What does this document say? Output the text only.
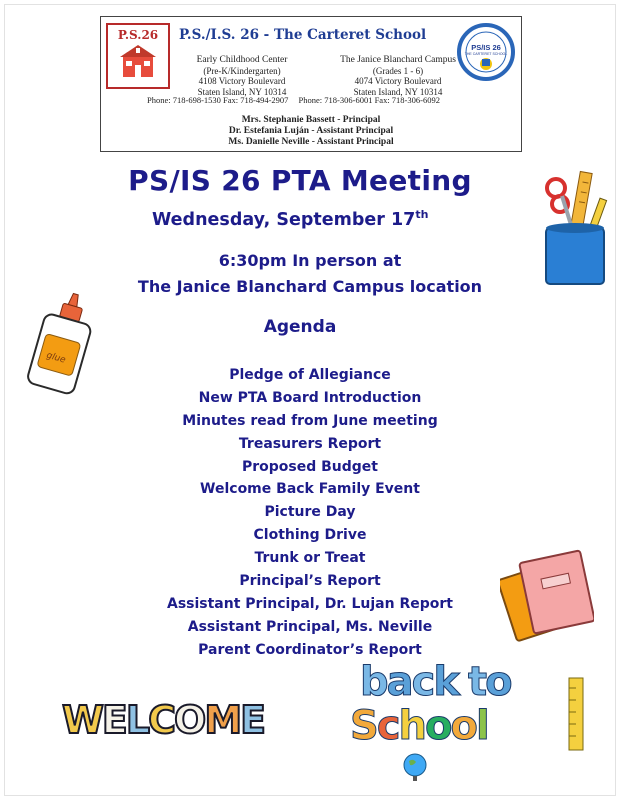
P.S.26	P.S./I.S. 26 - The Carteret School
Early Childhood Center
(Pre-K/Kindergarten)
4108 Victory Boulevard
Staten Island, NY 10314
The Janice Blanchard Campus
(Grades 1 - 6)
4074 Victory Boulevard
Staten Island, NY 10314
Phone: 718-698-1530 Fax: 718-494-2907 Phone: 718-306-6001 Fax: 718-306-6092
Mrs. Stephanie Bassett - Principal
Dr. Estefania Luján - Assistant Principal
Ms. Danielle Neville - Assistant Principal
PS/IS 26
THE CARTERET SCHOOL
PS/IS 26 PTA Meeting
Wednesday, September 17th
6:30pm In person at
The Janice Blanchard Campus location
Agenda
Pledge of Allegiance
New PTA Board Introduction
Minutes read from June meeting
Treasurers Report
Proposed Budget
Welcome Back Family Event
Picture Day
Clothing Drive
Trunk or Treat
Principal’s Report
Assistant Principal, Dr. Lujan Report
Assistant Principal, Ms. Neville
Parent Coordinator’s Report
glue
WELCOME
back to
School
